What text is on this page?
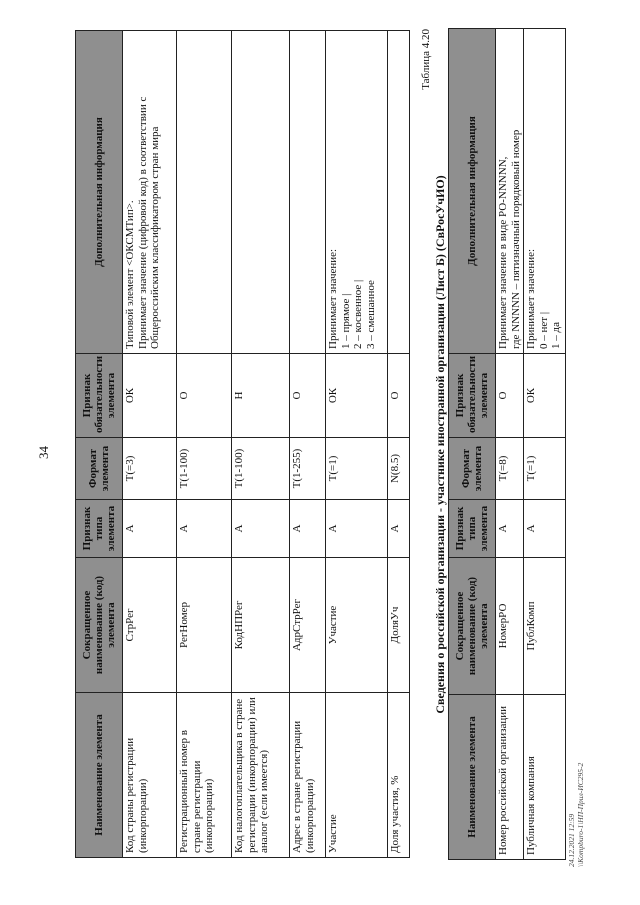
34
Наименование элемента	Сокращенное наименование (код) элемента	Признак типа элемента	Формат элемента	Признак обязательности элемента	Дополнительная информация
Код страны регистрации (инкорпорации)	СтрРег	А	T(=3)	ОК	Типовой элемент <ОКСМТип>. Принимает значение (цифровой код) в соответствии с Общероссийским классификатором стран мира

Регистрационный номер в стране регистрации (инкорпорации)	РегНомер	А	T(1-100)	О	
Код налогоплательщика в стране регистрации (инкорпорации) или аналог (если имеется)	КодНПРег	А	T(1-100)	Н	
Адрес в стране регистрации (инкорпорации)	АдрСтрРег	А	T(1-255)	О	
Участие	Участие	А	T(=1)	ОК	Принимает значение: 1 – прямое | 2 – косвенное | 3 – смешанное

Доля участия, %	ДоляУч	А	N(8.5)	О	
Таблица 4.20
Сведения о российской организации - участнике иностранной организации (Лист Б) (СвРосУчИО)
Наименование элемента	Сокращенное наименование (код) элемента	Признак типа элемента	Формат элемента	Признак обязательности элемента	Дополнительная информация
Номер российской организации	НомерРО	А	T(=8)	О	Принимает значение в виде РО-NNNNN, где NNNNN – пятизначный порядковый номер

Публичная компания	ПублКомп	А	T(=1)	ОК	Принимает значение: 0 – нет | 1 – да
24.12.2021 12:59 \\Kompburo-1\НП-Прил-ИС295-2
